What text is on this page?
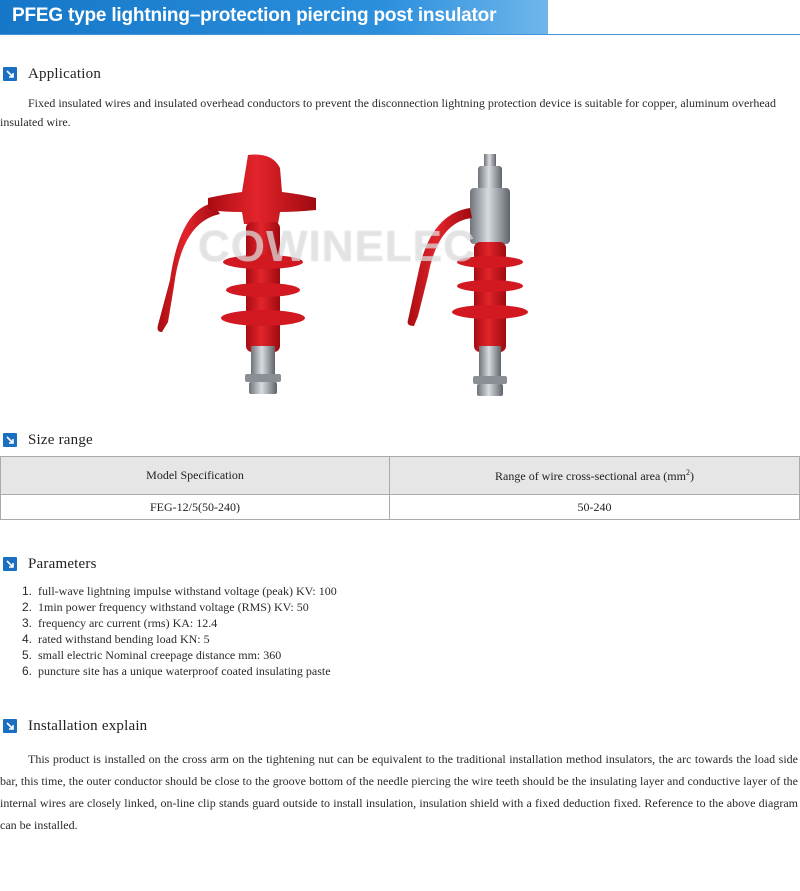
PFEG type lightning–protection piercing post insulator
Application

Fixed insulated wires and insulated overhead conductors to prevent the disconnection lightning protection device is suitable for copper, aluminum overhead insulated wire.

COWINELEC
Size range
Model Specification	Range of wire cross-sectional area $(mm^2)$
FEG-12/5(50-240)	50-240
Parameters
1. full-wave lightning impulse withstand voltage (peak) KV: 100
2. 1min power frequency withstand voltage (RMS) KV: 50
3. frequency arc current (rms) KA: 12.4
4. rated withstand bending load KN: 5
5. small electric Nominal creepage distance mm: 360
6. puncture site has a unique waterproof coated insulating paste
Installation explain

This product is installed on the cross arm on the tightening nut can be equivalent to the traditional installation method insulators, the arc towards the load side bar, this time, the outer conductor should be close to the groove bottom of the needle piercing the wire teeth should be the insulating layer and conductive layer of the internal wires are closely linked, on-line clip stands guard outside to install insulation, insulation shield with a fixed deduction fixed. Reference to the above diagram can be installed.
